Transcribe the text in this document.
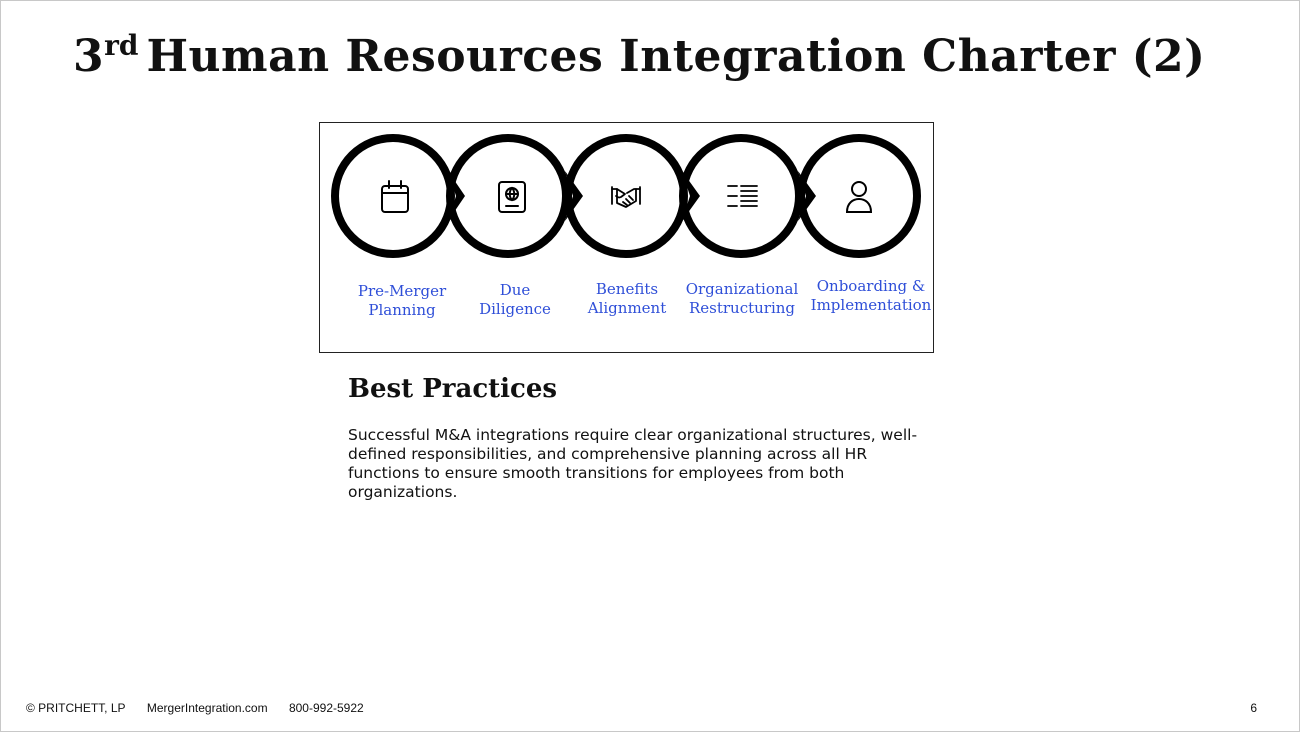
3rd Human Resources Integration Charter (2)
Pre-Merger
Planning
Due
Diligence
Benefits
Alignment
Organizational
Restructuring
Onboarding &
Implementation
Best Practices
Successful M&A integrations require clear organizational structures, well-defined responsibilities, and comprehensive planning across all HR functions to ensure smooth transitions for employees from both organizations.
© PRITCHETT, LP MergerIntegration.com 800-992-5922	6
